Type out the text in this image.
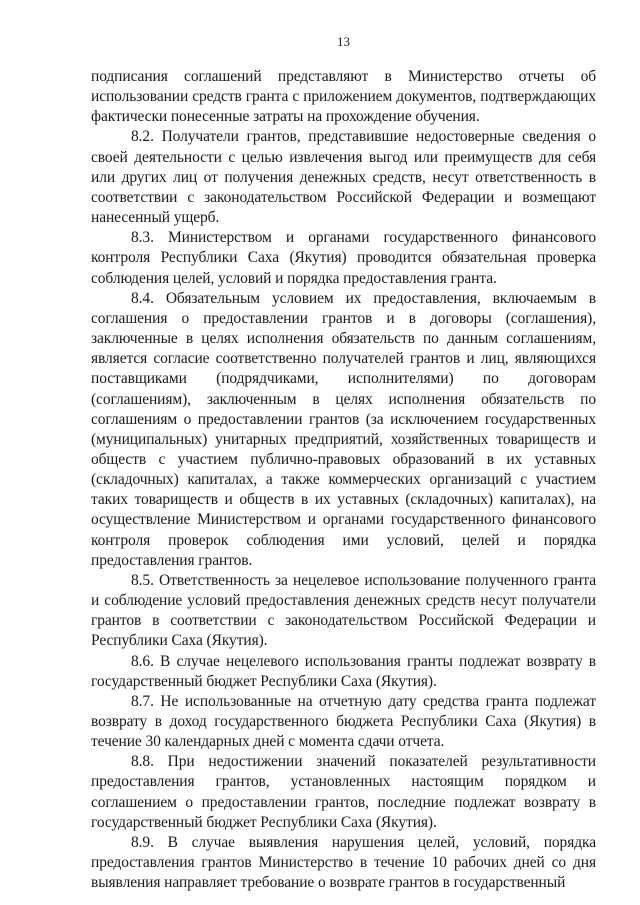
13

подписания соглашений представляют в Министерство отчеты об использовании средств гранта с приложением документов, подтверждающих фактически понесенные затраты на прохождение обучения.

8.2. Получатели грантов, представившие недостоверные сведения о своей деятельности с целью извлечения выгод или преимуществ для себя или других лиц от получения денежных средств, несут ответственность в соответствии с законодательством Российской Федерации и возмещают нанесенный ущерб.

8.3. Министерством и органами государственного финансового контроля Республики Саха (Якутия) проводится обязательная проверка соблюдения целей, условий и порядка предоставления гранта.

8.4. Обязательным условием их предоставления, включаемым в соглашения о предоставлении грантов и в договоры (соглашения), заключенные в целях исполнения обязательств по данным соглашениям, является согласие соответственно получателей грантов и лиц, являющихся поставщиками (подрядчиками, исполнителями) по договорам (соглашениям), заключенным в целях исполнения обязательств по соглашениям о предоставлении грантов (за исключением государственных (муниципальных) унитарных предприятий, хозяйственных товариществ и обществ с участием публично-правовых образований в их уставных (складочных) капиталах, а также коммерческих организаций с участием таких товариществ и обществ в их уставных (складочных) капиталах), на осуществление Министерством и органами государственного финансового контроля проверок соблюдения ими условий, целей и порядка предоставления грантов.

8.5. Ответственность за нецелевое использование полученного гранта и соблюдение условий предоставления денежных средств несут получатели грантов в соответствии с законодательством Российской Федерации и Республики Саха (Якутия).

8.6. В случае нецелевого использования гранты подлежат возврату в государственный бюджет Республики Саха (Якутия).

8.7. Не использованные на отчетную дату средства гранта подлежат возврату в доход государственного бюджета Республики Саха (Якутия) в течение 30 календарных дней с момента сдачи отчета.

8.8. При недостижении значений показателей результативности предоставления грантов, установленных настоящим порядком и соглашением о предоставлении грантов, последние подлежат возврату в государственный бюджет Республики Саха (Якутия).

8.9. В случае выявления нарушения целей, условий, порядка предоставления грантов Министерство в течение 10 рабочих дней со дня выявления направляет требование о возврате грантов в государственный
